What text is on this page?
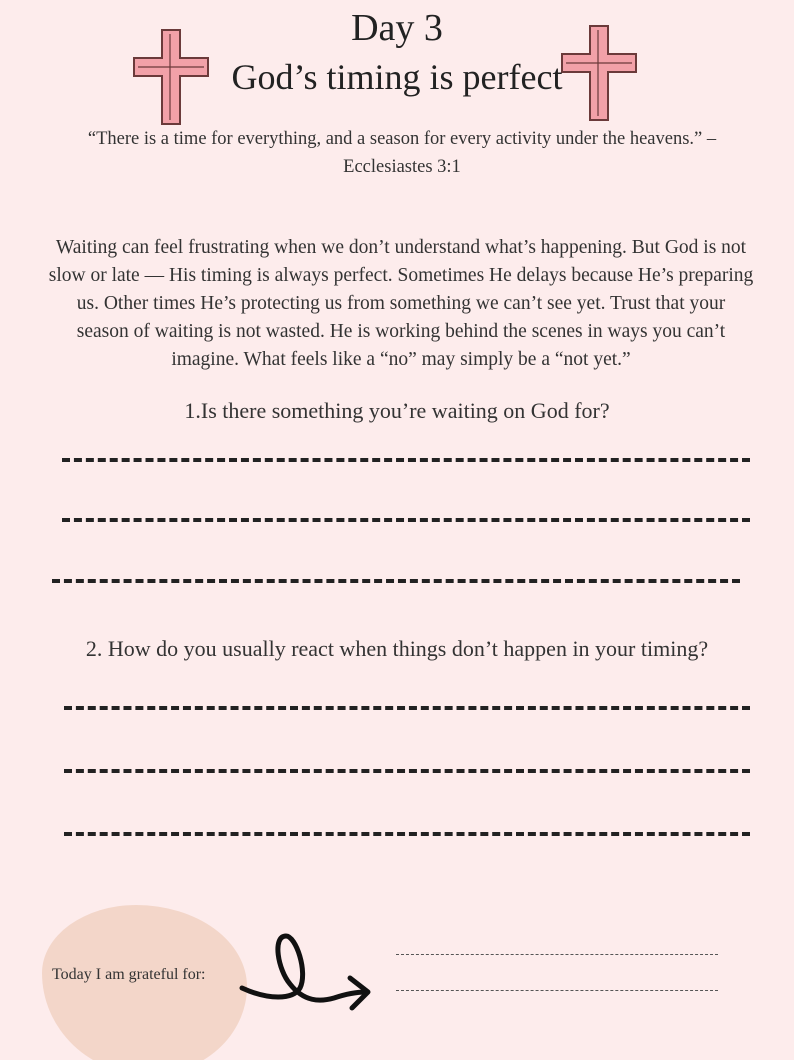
Day 3
God’s timing is perfect
“There is a time for everything, and a season for every activity under the heavens.” –
Ecclesiastes 3:1
Waiting can feel frustrating when we don’t understand what’s happening. But God is not
slow or late — His timing is always perfect. Sometimes He delays because He’s preparing
us. Other times He’s protecting us from something we can’t see yet. Trust that your
season of waiting is not wasted. He is working behind the scenes in ways you can’t
imagine. What feels like a “no” may simply be a “not yet.”
1.Is there something you’re waiting on God for?
2. How do you usually react when things don’t happen in your timing?
Today I am grateful for:
